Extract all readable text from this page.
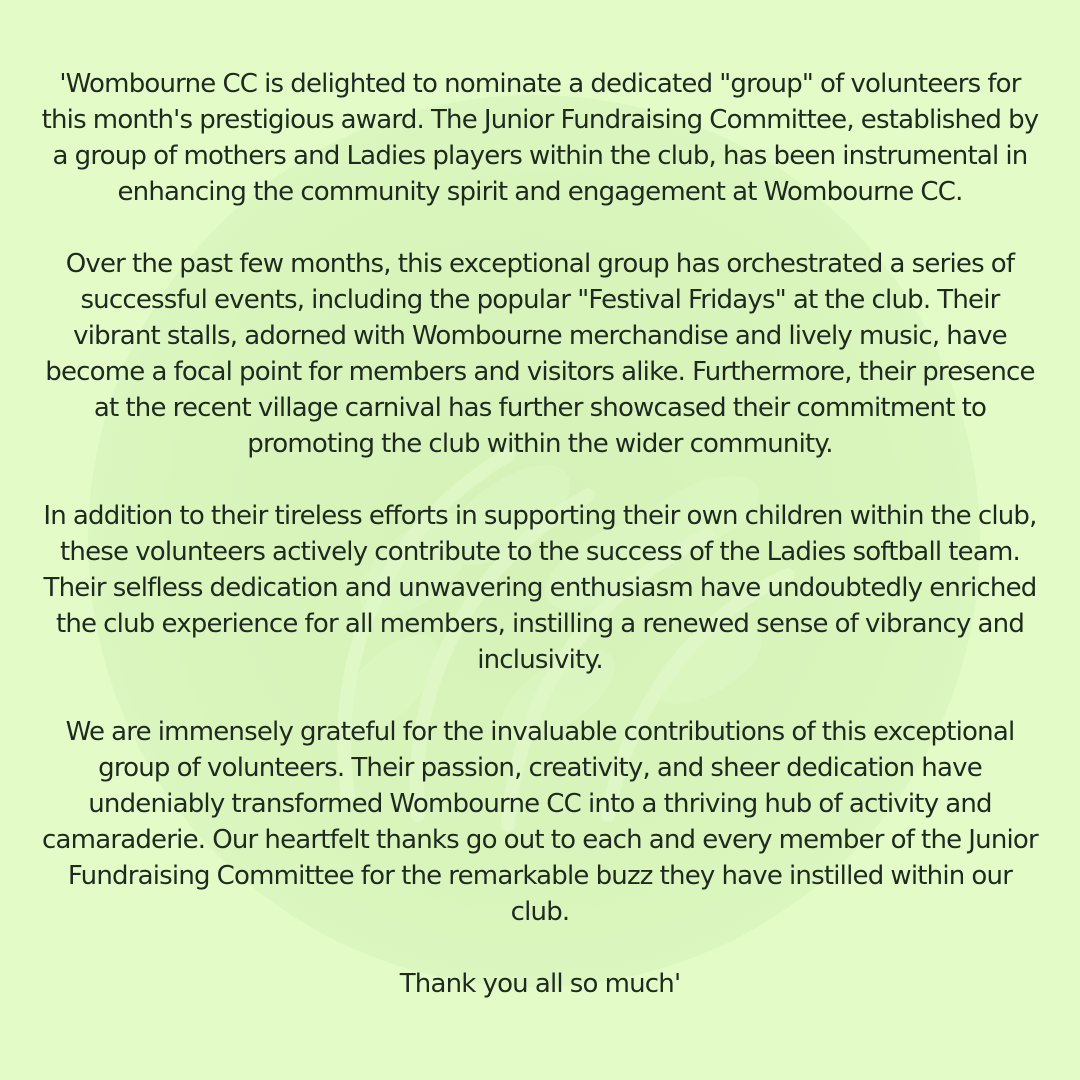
'Wombourne CC is delighted to nominate a dedicated "group" of volunteers for this month's prestigious award. The Junior Fundraising Committee, established by a group of mothers and Ladies players within the club, has been instrumental in enhancing the community spirit and engagement at Wombourne CC.

Over the past few months, this exceptional group has orchestrated a series of successful events, including the popular "Festival Fridays" at the club. Their vibrant stalls, adorned with Wombourne merchandise and lively music, have become a focal point for members and visitors alike. Furthermore, their presence at the recent village carnival has further showcased their commitment to promoting the club within the wider community.

In addition to their tireless efforts in supporting their own children within the club, these volunteers actively contribute to the success of the Ladies softball team. Their selfless dedication and unwavering enthusiasm have undoubtedly enriched the club experience for all members, instilling a renewed sense of vibrancy and inclusivity.

We are immensely grateful for the invaluable contributions of this exceptional group of volunteers. Their passion, creativity, and sheer dedication have undeniably transformed Wombourne CC into a thriving hub of activity and camaraderie. Our heartfelt thanks go out to each and every member of the Junior Fundraising Committee for the remarkable buzz they have instilled within our club.

Thank you all so much'
